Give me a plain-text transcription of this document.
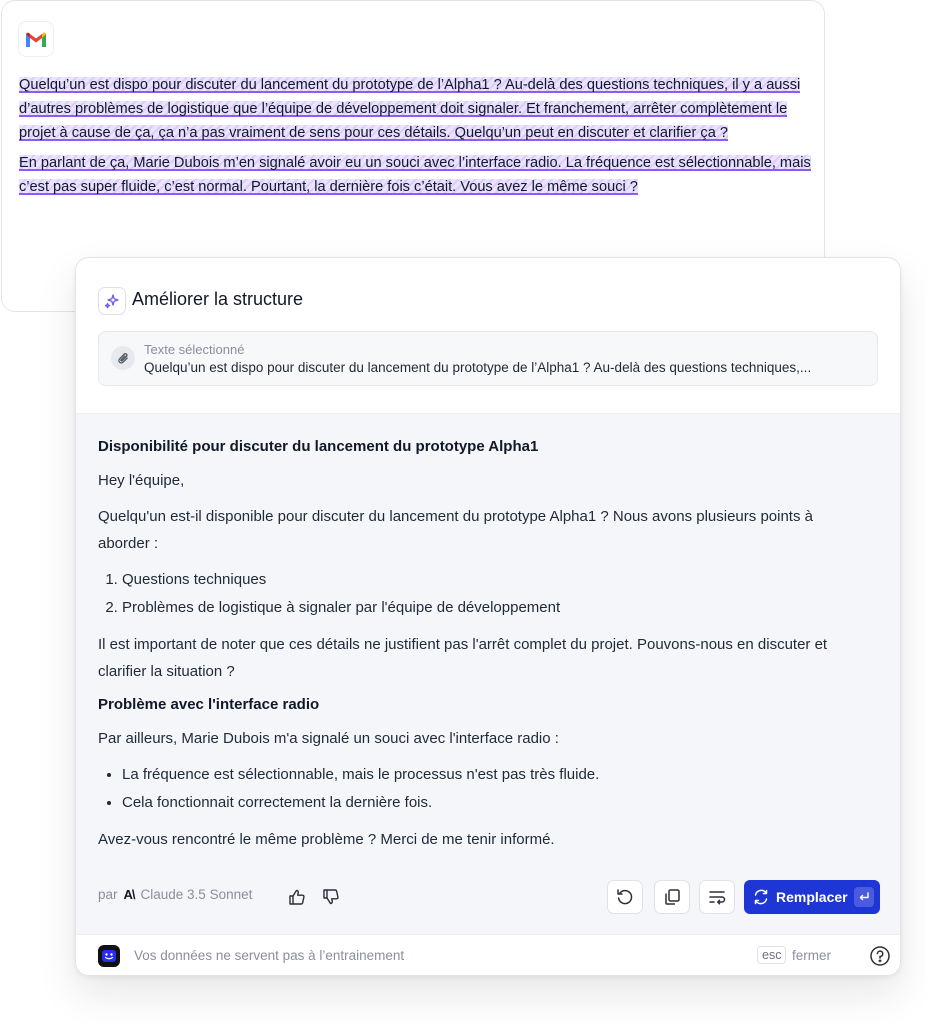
Quelqu’un est dispo pour discuter du lancement du prototype de l’Alpha1 ? Au-delà des questions techniques, il y a aussi d’autres problèmes de logistique que l’équipe de développement doit signaler. Et franchement, arrêter complètement le projet à cause de ça, ça n’a pas vraiment de sens pour ces détails. Quelqu’un peut en discuter et clarifier ça ?

En parlant de ça, Marie Dubois m’en signalé avoir eu un souci avec l’interface radio. La fréquence est sélectionnable, mais c’est pas super fluide, c’est normal. Pourtant, la dernière fois c’était. Vous avez le même souci ?

Améliorer la structure
Texte sélectionné
Quelqu’un est dispo pour discuter du lancement du prototype de l’Alpha1 ? Au-delà des questions techniques,...
Disponibilité pour discuter du lancement du prototype Alpha1

Hey l'équipe,

Quelqu'un est-il disponible pour discuter du lancement du prototype Alpha1 ? Nous avons plusieurs points à aborder :

1. Questions techniques
2. Problèmes de logistique à signaler par l'équipe de développement

Il est important de noter que ces détails ne justifient pas l'arrêt complet du projet. Pouvons-nous en discuter et clarifier la situation ?

Problème avec l'interface radio

Par ailleurs, Marie Dubois m'a signalé un souci avec l'interface radio :

• La fréquence est sélectionnable, mais le processus n'est pas très fluide.
• Cela fonctionnait correctement la dernière fois.

Avez-vous rencontré le même problème ? Merci de me tenir informé.

par A\ Claude 3.5 Sonnet	Remplacer
Vos données ne servent pas à l’entrainement	esc fermer
